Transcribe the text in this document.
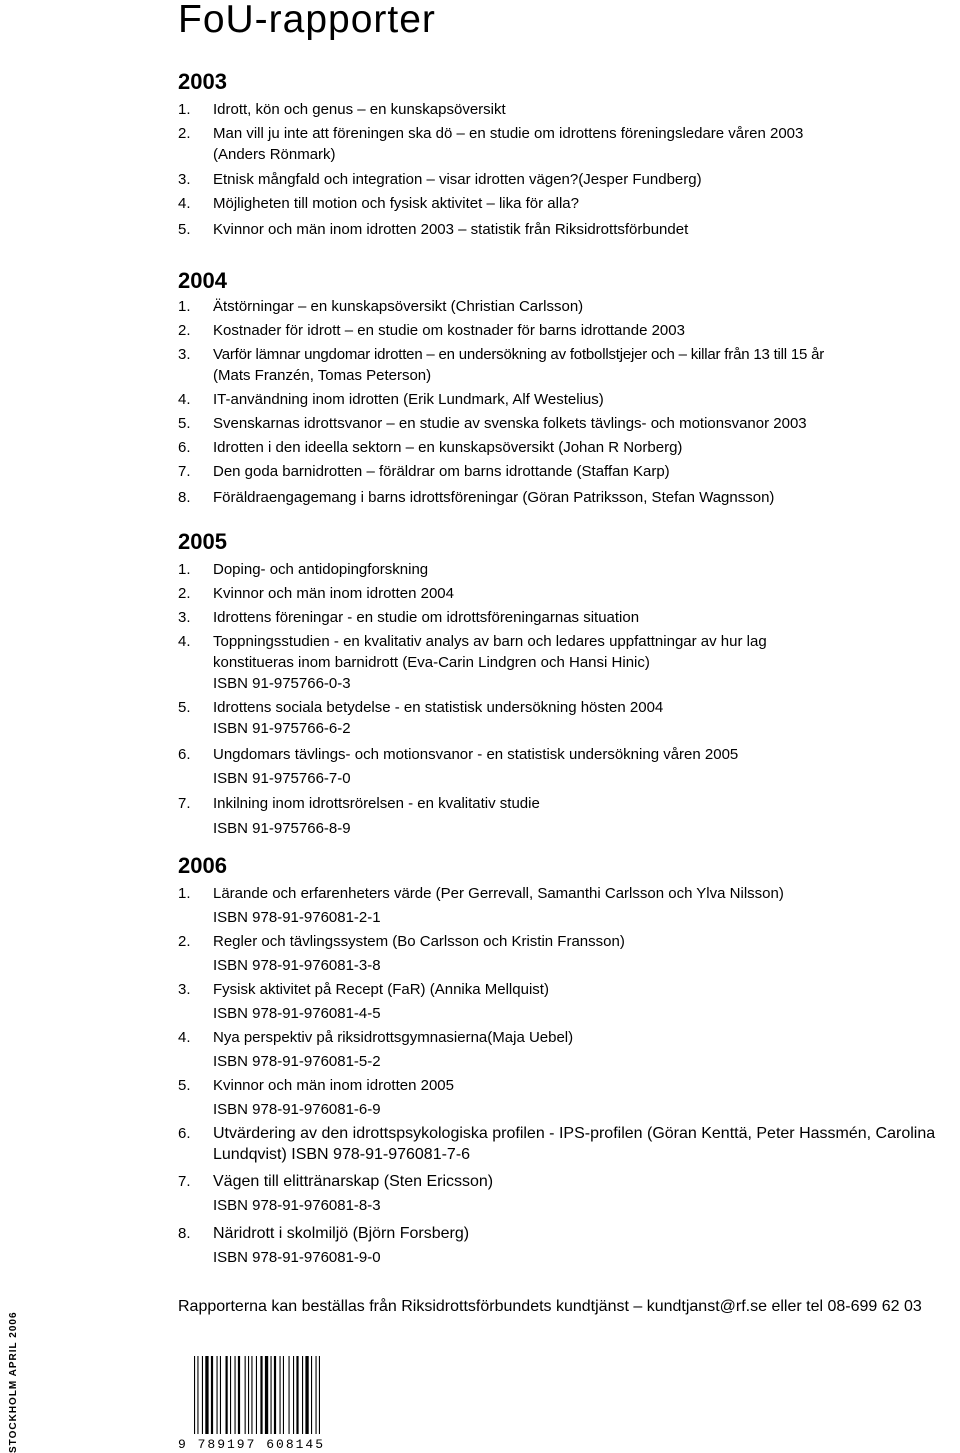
FoU-rapporter
2003
1. Idrott, kön och genus – en kunskapsöversikt
2. Man vill ju inte att föreningen ska dö – en studie om idrottens föreningsledare våren 2003
(Anders Rönmark)
3. Etnisk mångfald och integration – visar idrotten vägen?(Jesper Fundberg)
4. Möjligheten till motion och fysisk aktivitet – lika för alla?
5. Kvinnor och män inom idrotten 2003 – statistik från Riksidrottsförbundet
2004
1. Ätstörningar – en kunskapsöversikt (Christian Carlsson)
2. Kostnader för idrott – en studie om kostnader för barns idrottande 2003
3. Varför lämnar ungdomar idrotten – en undersökning av fotbollstjejer och – killar från 13 till 15 år
(Mats Franzén, Tomas Peterson)
4. IT-användning inom idrotten (Erik Lundmark, Alf Westelius)
5. Svenskarnas idrottsvanor – en studie av svenska folkets tävlings- och motionsvanor 2003
6. Idrotten i den ideella sektorn – en kunskapsöversikt (Johan R Norberg)
7. Den goda barnidrotten – föräldrar om barns idrottande (Staffan Karp)
8. Föräldraengagemang i barns idrottsföreningar (Göran Patriksson, Stefan Wagnsson)
2005
1. Doping- och antidopingforskning
2. Kvinnor och män inom idrotten 2004
3. Idrottens föreningar - en studie om idrottsföreningarnas situation
4. Toppningsstudien - en kvalitativ analys av barn och ledares uppfattningar av hur lag konstitueras inom barnidrott (Eva-Carin Lindgren och Hansi Hinic)
ISBN 91-975766-0-3
5. Idrottens sociala betydelse - en statistisk undersökning hösten 2004
ISBN 91-975766-6-2
6. Ungdomars tävlings- och motionsvanor - en statistisk undersökning våren 2005
ISBN 91-975766-7-0
7. Inkilning inom idrottsrörelsen - en kvalitativ studie
ISBN 91-975766-8-9
2006
1. Lärande och erfarenheters värde (Per Gerrevall, Samanthi Carlsson och Ylva Nilsson)
ISBN 978-91-976081-2-1
2. Regler och tävlingssystem (Bo Carlsson och Kristin Fransson)
ISBN 978-91-976081-3-8
3. Fysisk aktivitet på Recept (FaR) (Annika Mellquist)
ISBN 978-91-976081-4-5
4. Nya perspektiv på riksidrottsgymnasierna(Maja Uebel)
ISBN 978-91-976081-5-2
5. Kvinnor och män inom idrotten 2005
ISBN 978-91-976081-6-9
6. Utvärdering av den idrottspsykologiska profilen - IPS-profilen (Göran Kenttä, Peter Hassmén, Carolina Lundqvist) ISBN 978-91-976081-7-6
7. Vägen till elittränarskap (Sten Ericsson)
ISBN 978-91-976081-8-3
8. Näridrott i skolmiljö (Björn Forsberg)
ISBN 978-91-976081-9-0
Rapporterna kan beställas från Riksidrottsförbundets kundtjänst – kundtjanst@rf.se eller tel 08-699 62 03
9 789197 608145
STOCKHOLM APRIL 2006
